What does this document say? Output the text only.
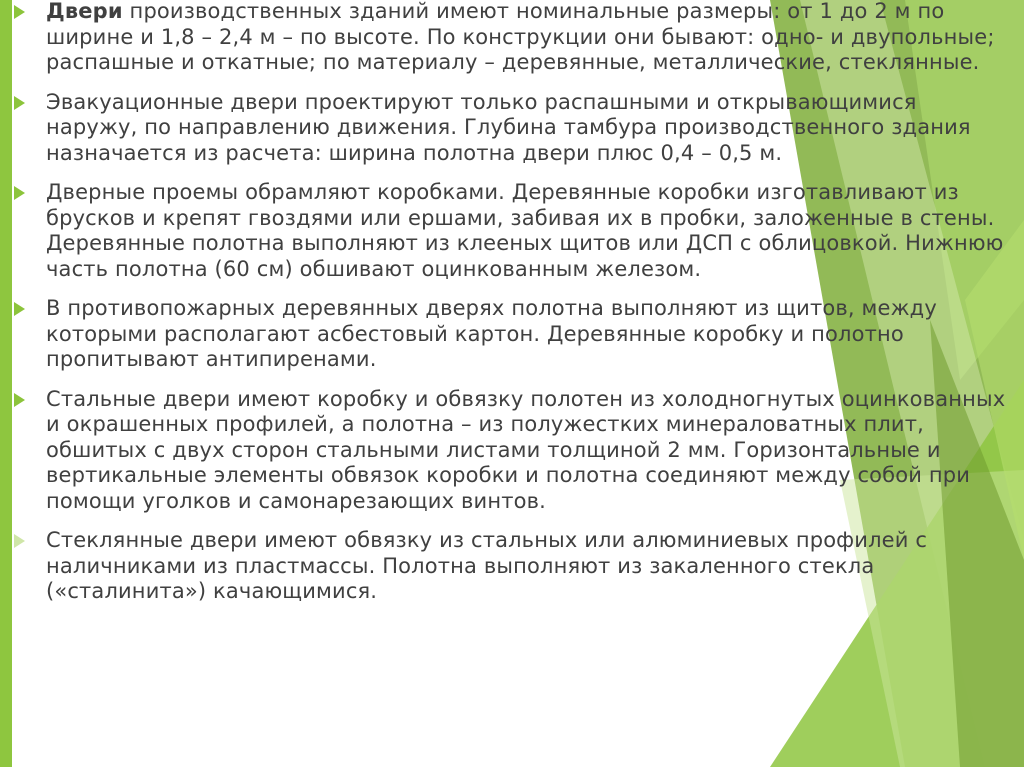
Двери производственных зданий имеют номинальные размеры: от 1 до 2 м по ширине и 1,8 – 2,4 м – по высоте. По конструкции они бывают: одно- и двупольные; распашные и откатные; по материалу – деревянные, металлические, стеклянные.

Эвакуационные двери проектируют только распашными и открывающимися наружу, по направлению движения. Глубина тамбура производственного здания назначается из расчета: ширина полотна двери плюс 0,4 – 0,5 м.

Дверные проемы обрамляют коробками. Деревянные коробки изготавливают из брусков и крепят гвоздями или ершами, забивая их в пробки, заложенные в стены. Деревянные полотна выполняют из клееных щитов или ДСП с облицовкой. Нижнюю часть полотна (60 см) обшивают оцинкованным железом.

В противопожарных деревянных дверях полотна выполняют из щитов, между которыми располагают асбестовый картон. Деревянные коробку и полотно пропитывают антипиренами.

Стальные двери имеют коробку и обвязку полотен из холодногнутых оцинкованных и окрашенных профилей, а полотна – из полужестких минераловатных плит, обшитых с двух сторон стальными листами толщиной 2 мм. Горизонтальные и вертикальные элементы обвязок коробки и полотна соединяют между собой при помощи уголков и самонарезающих винтов.

Стеклянные двери имеют обвязку из стальных или алюминиевых профилей с наличниками из пластмассы. Полотна выполняют из закаленного стекла («сталинита») качающимися.
